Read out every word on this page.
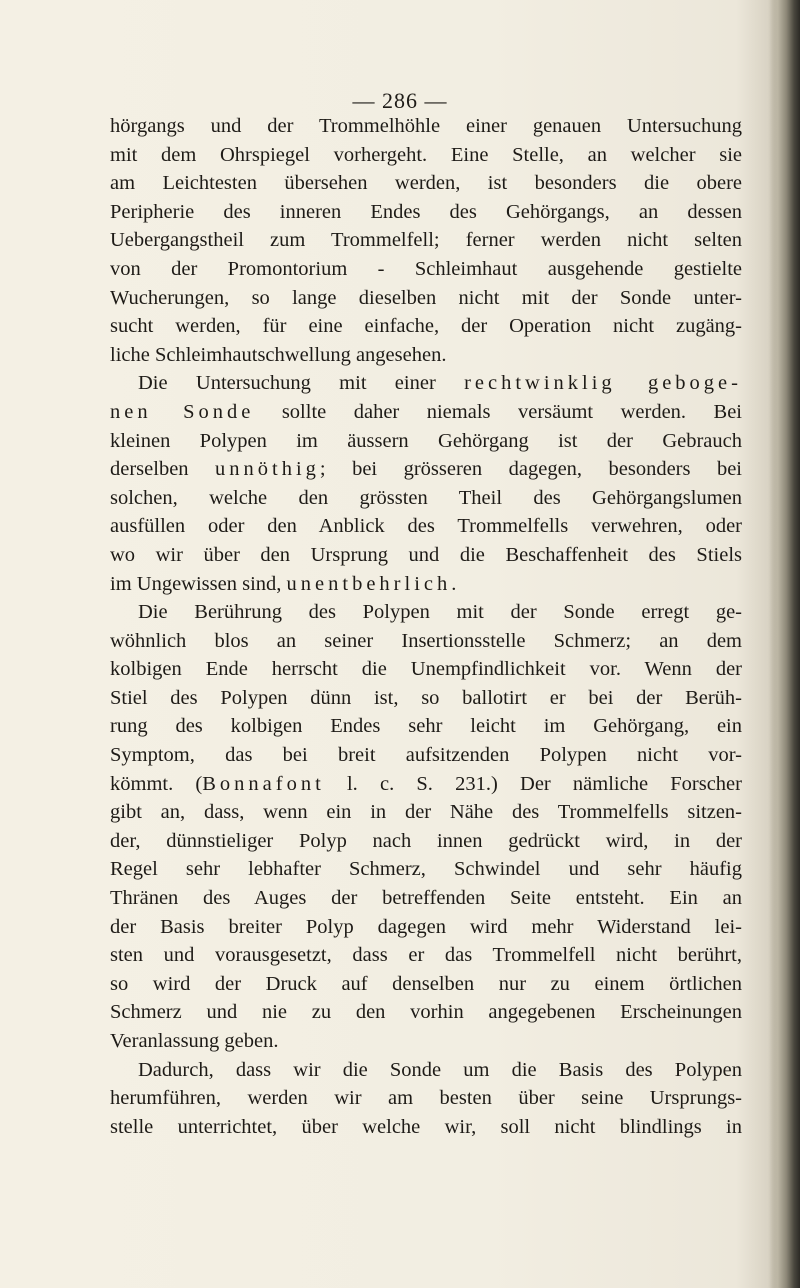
— 286 —
hörgangs und der Trommelhöhle einer genauen Untersuchung
mit dem Ohrspiegel vorhergeht. Eine Stelle, an welcher sie
am Leichtesten übersehen werden, ist besonders die obere
Peripherie des inneren Endes des Gehörgangs, an dessen
Uebergangstheil zum Trommelfell; ferner werden nicht selten
von der Promontorium - Schleimhaut ausgehende gestielte
Wucherungen, so lange dieselben nicht mit der Sonde unter-
sucht werden, für eine einfache, der Operation nicht zugäng-
liche Schleimhautschwellung angesehen.
Die Untersuchung mit einer rechtwinklig geboge-
nen Sonde sollte daher niemals versäumt werden. Bei
kleinen Polypen im äussern Gehörgang ist der Gebrauch
derselben unnöthig; bei grösseren dagegen, besonders bei
solchen, welche den grössten Theil des Gehörgangslumen
ausfüllen oder den Anblick des Trommelfells verwehren, oder
wo wir über den Ursprung und die Beschaffenheit des Stiels
im Ungewissen sind, unentbehrlich.
Die Berührung des Polypen mit der Sonde erregt ge-
wöhnlich blos an seiner Insertionsstelle Schmerz; an dem
kolbigen Ende herrscht die Unempfindlichkeit vor. Wenn der
Stiel des Polypen dünn ist, so ballotirt er bei der Berüh-
rung des kolbigen Endes sehr leicht im Gehörgang, ein
Symptom, das bei breit aufsitzenden Polypen nicht vor-
kömmt. (Bonnafont l. c. S. 231.) Der nämliche Forscher
gibt an, dass, wenn ein in der Nähe des Trommelfells sitzen-
der, dünnstieliger Polyp nach innen gedrückt wird, in der
Regel sehr lebhafter Schmerz, Schwindel und sehr häufig
Thränen des Auges der betreffenden Seite entsteht. Ein an
der Basis breiter Polyp dagegen wird mehr Widerstand lei-
sten und vorausgesetzt, dass er das Trommelfell nicht berührt,
so wird der Druck auf denselben nur zu einem örtlichen
Schmerz und nie zu den vorhin angegebenen Erscheinungen
Veranlassung geben.
Dadurch, dass wir die Sonde um die Basis des Polypen
herumführen, werden wir am besten über seine Ursprungs-
stelle unterrichtet, über welche wir, soll nicht blindlings in
